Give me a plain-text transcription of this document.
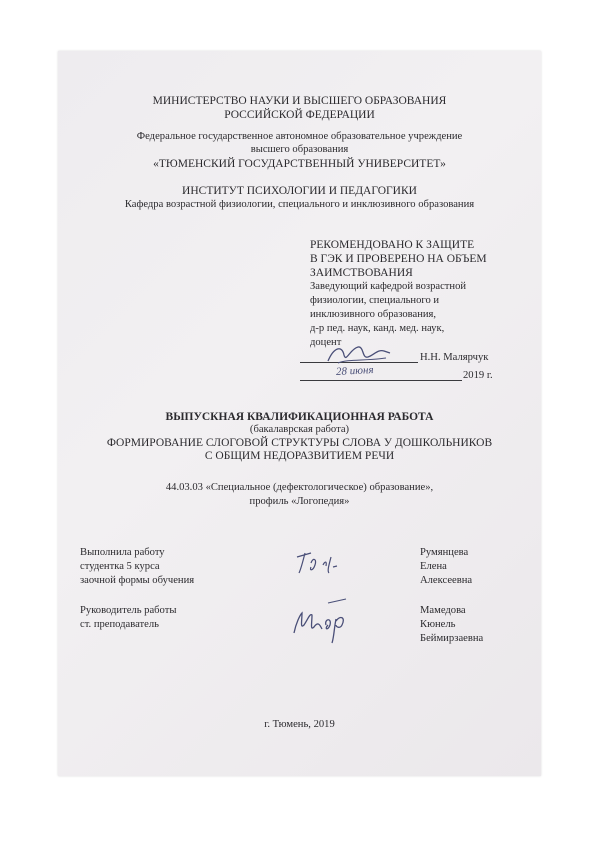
МИНИСТЕРСТВО НАУКИ И ВЫСШЕГО ОБРАЗОВАНИЯ
РОССИЙСКОЙ ФЕДЕРАЦИИ
Федеральное государственное автономное образовательное учреждение
высшего образования
«ТЮМЕНСКИЙ ГОСУДАРСТВЕННЫЙ УНИВЕРСИТЕТ»
ИНСТИТУТ ПСИХОЛОГИИ И ПЕДАГОГИКИ
Кафедра возрастной физиологии, специального и инклюзивного образования
РЕКОМЕНДОВАНО К ЗАЩИТЕ
В ГЭК И ПРОВЕРЕНО НА ОБЪЕМ
ЗАИМСТВОВАНИЯ
Заведующий кафедрой возрастной
физиологии, специального и
инклюзивного образования,
д-р пед. наук, канд. мед. наук,
доцент
Н.Н. Малярчук
28 июня	2019 г.
ВЫПУСКНАЯ КВАЛИФИКАЦИОННАЯ РАБОТА
(бакалаврская работа)
ФОРМИРОВАНИЕ СЛОГОВОЙ СТРУКТУРЫ СЛОВА У ДОШКОЛЬНИКОВ
С ОБЩИМ НЕДОРАЗВИТИЕМ РЕЧИ
44.03.03 «Специальное (дефектологическое) образование»,
профиль «Логопедия»
Выполнила работу
студентка 5 курса
заочной формы обучения
Румянцева
Елена
Алексеевна
Руководитель работы
ст. преподаватель
Мамедова
Кюнель
Беймирзаевна
г. Тюмень, 2019
